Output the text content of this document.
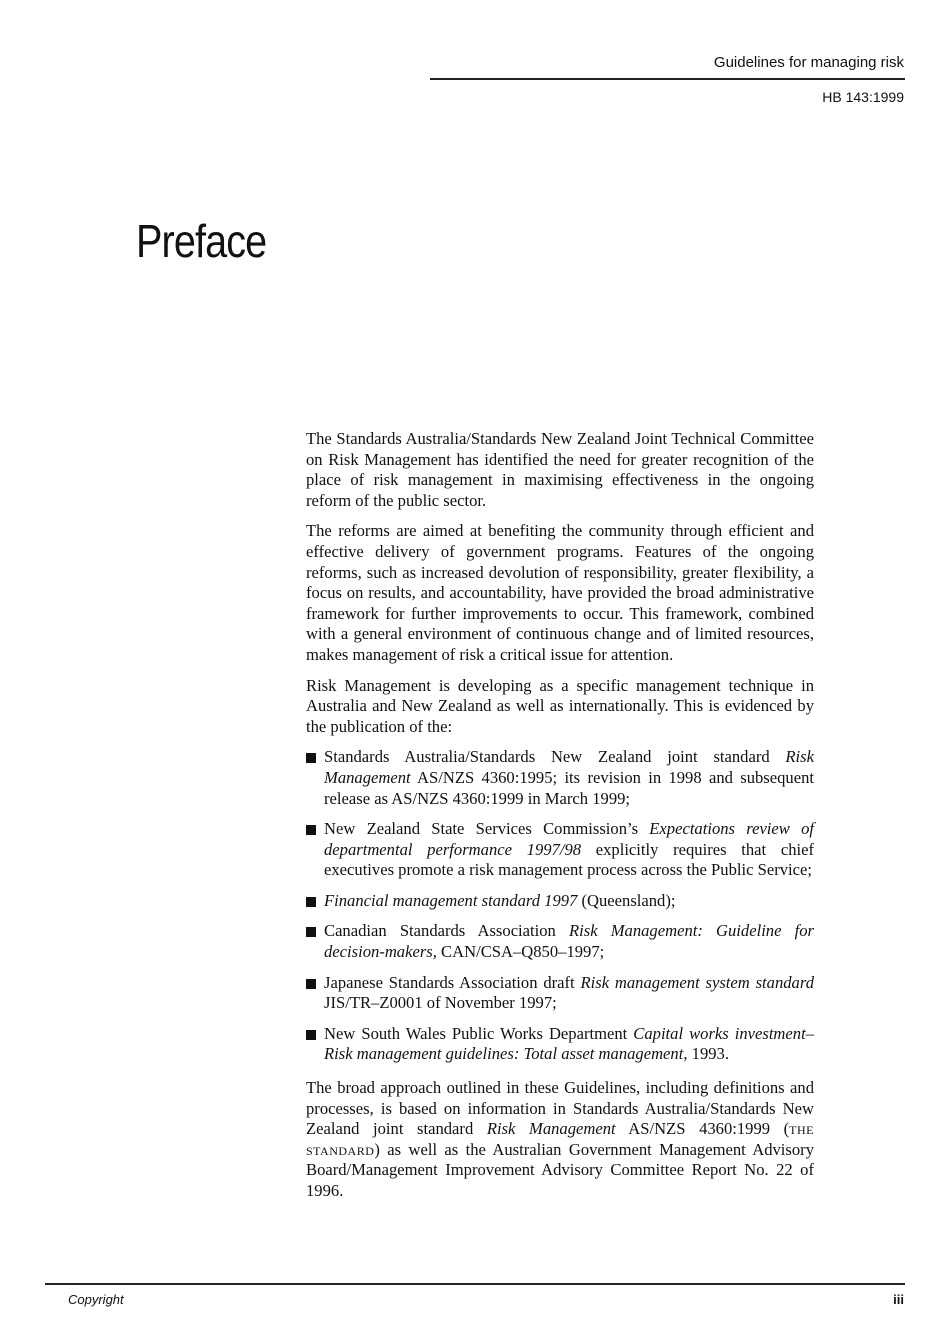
Guidelines for managing risk
HB 143:1999
Preface

The Standards Australia/Standards New Zealand Joint Technical Committee on Risk Management has identified the need for greater recognition of the place of risk management in maximising effectiveness in the ongoing reform of the public sector.

The reforms are aimed at benefiting the community through efficient and effective delivery of government programs. Features of the ongoing reforms, such as increased devolution of responsibility, greater flexibility, a focus on results, and accountability, have provided the broad administrative framework for further improvements to occur. This framework, combined with a general environment of continuous change and of limited resources, makes management of risk a critical issue for attention.

Risk Management is developing as a specific management technique in Australia and New Zealand as well as internationally. This is evidenced by the publication of the:

Standards Australia/Standards New Zealand joint standard Risk Management AS/NZS 4360:1995; its revision in 1998 and subsequent release as AS/NZS 4360:1999 in March 1999;
New Zealand State Services Commission’s Expectations review of departmental performance 1997/98 explicitly requires that chief executives promote a risk management process across the Public Service;
Financial management standard 1997 (Queensland);
Canadian Standards Association Risk Management: Guideline for decision-makers, CAN/CSA–Q850–1997;
Japanese Standards Association draft Risk management system standard JIS/TR–Z0001 of November 1997;
New South Wales Public Works Department Capital works investment–Risk management guidelines: Total asset management, 1993.

The broad approach outlined in these Guidelines, including definitions and processes, is based on information in Standards Australia/Standards New Zealand joint standard Risk Management AS/NZS 4360:1999 (the standard) as well as the Australian Government Management Advisory Board/Management Improvement Advisory Committee Report No. 22 of 1996.

Copyright	iii
